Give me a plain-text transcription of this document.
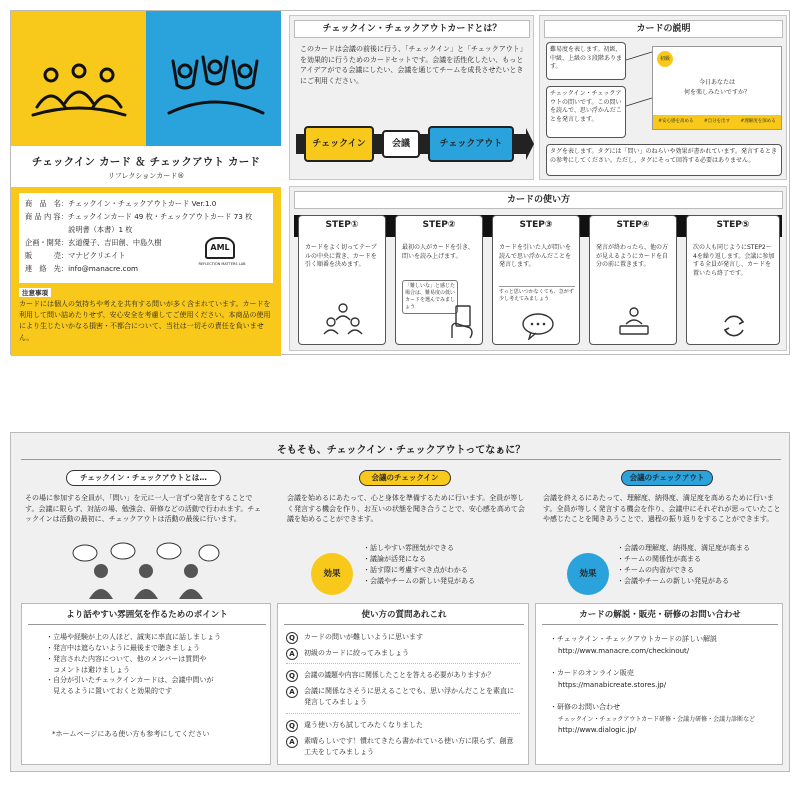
チェックイン カード ＆ チェックアウト カード
リフレクションカード®
商　品　名：チェックイン・チェックアウトカード Ver.1.0
商 品 内 容：チェックインカード 49 枚・チェックアウトカード 73 枚
　　　　　　説明書（本書）1 枚
企画・開発：玄道優子、吉田創、中島久樹
販　　　売：マナビクリエイト
連　絡　先：info@manacre.com
AML
REFLECTION MATTERS LAB
注意事項
カードには個人の気持ちや考えを共有する問いが多く含まれています。カードを利用して問い詰めたりせず、安心安全を考慮してご使用ください。本商品の使用により生じたいかなる損害・不都合について、当社は一切その責任を負いません。
チェックイン・チェックアウトカードとは？
このカードは会議の前後に行う、「チェックイン」と「チェックアウト」を効果的に行うためのカードセットです。会議を活性化したい、もっとアイデアがでる会議にしたい、会議を通じてチームを成長させたいときにご利用ください。
チェックイン	会議	チェックアウト
カードの説明
難易度を表します。初級、中級、上級の３段階あります。
チェックイン・チェックアウトの問いです。この問いを読んで、思い浮かんだことを発言します。
初級
今日あなたは
何を楽しみたいですか？
#安心感を高める #自分を出す #理解度を深める
タグを表します。タグには「問い」のねらいや効果が書かれています。発言するときの参考にしてください。ただし、タグにそって回答する必要はありません。
カードの使い方
STEP①
カードをよく切ってテーブルの中央に置き、カードを引く順番を決めます。
STEP②
最初の人がカードを引き、問いを読み上げます。
「難しいな」と感じた場合は、難易度の低いカードを選んでみましょう
STEP③
カードを引いた人が問いを読んで思い浮かんだことを発言します。
すっと思いつかなくても、急がず少し考えてみましょう
STEP④
発言が終わったら、他の方が見えるようにカードを自分の前に置きます。
STEP⑤
次の人も同じようにSTEP2〜4を繰り返します。会議に参加する全員が発言し、カードを置いたら終了です。
そもそも、チェックイン・チェックアウトってなぁに？
チェックイン・チェックアウトとは…
その場に参加する全員が、「問い」を元に一人一言ずつ発言をすることです。会議に限らず、対話の場、勉強会、研修などの活動で行われます。チェックインは活動の最初に、チェックアウトは活動の最後に行います。
会議のチェックイン
会議を始めるにあたって、心と身体を準備するために行います。全員が等しく発言する機会を作り、お互いの状態を聞き合うことで、安心感を高めて会議を始めることができます。
効果
・話しやすい雰囲気ができる
・議論が活発になる
・話す際に考慮すべき点がわかる
・会議やチームの新しい発見がある
会議のチェックアウト
会議を終えるにあたって、理解度、納得度、満足度を高めるために行います。全員が等しく発言する機会を作り、会議中にそれぞれが思っていたことや感じたことを聞きあうことで、過程の振り返りをすることができます。
効果
・会議の理解度、納得度、満足度が高まる
・チームの関係性が高まる
・チームの内省ができる
・会議やチームの新しい発見がある
より話やすい雰囲気を作るためのポイント
・立場や経験が上の人ほど、誠実に率直に話しましょう
・発言中は遮らないように最後まで聴きましょう
・発言された内容について、他のメンバーは質問や
　コメントは避けましょう
・自分が引いたチェックインカードは、会議中問いが
　見えるように置いておくと効果的です
*ホームページにある使い方も参考にしてください
使い方の質問あれこれ
Q	カードの問いが難しいように思います
A	初級のカードに絞ってみましょう
Q	会議の議題や内容に関係したことを答える必要がありますか？
A	会議に関係なさそうに思えることでも、思い浮かんだことを素直に発言してみましょう
Q	違う使い方も試してみたくなりました
A	素晴らしいです！慣れてきたら書かれている使い方に限らず、創意工夫をしてみましょう
カードの解説・販売・研修のお問い合わせ
・チェックイン・チェックアウトカードの詳しい解説
http://www.manacre.com/checkinout/
・カードのオンライン販売
https://manabicreate.stores.jp/
・研修のお問い合わせ
チェックイン・チェックアウトカード研修・会議力研修・会議力診断など
http://www.dialogic.jp/
